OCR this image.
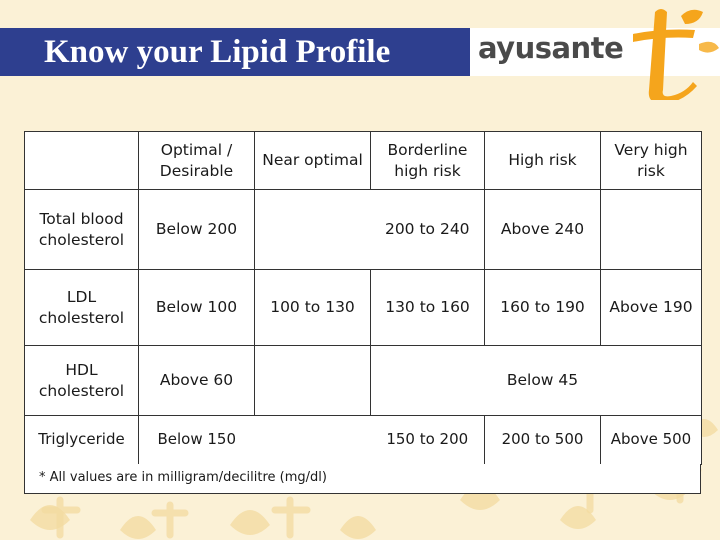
Know your Lipid Profile	ayusante
	Optimal / Desirable	Near optimal	Borderline high risk	High risk	Very high risk
Total blood cholesterol	Below 200		200 to 240	Above 240	
LDL cholesterol	Below 100	100 to 130	130 to 160	160 to 190	Above 190
HDL cholesterol	Above 60			Below 45	
Triglyceride	Below 150		150 to 200	200 to 500	Above 500
* All values are in milligram/decilitre (mg/dl)
